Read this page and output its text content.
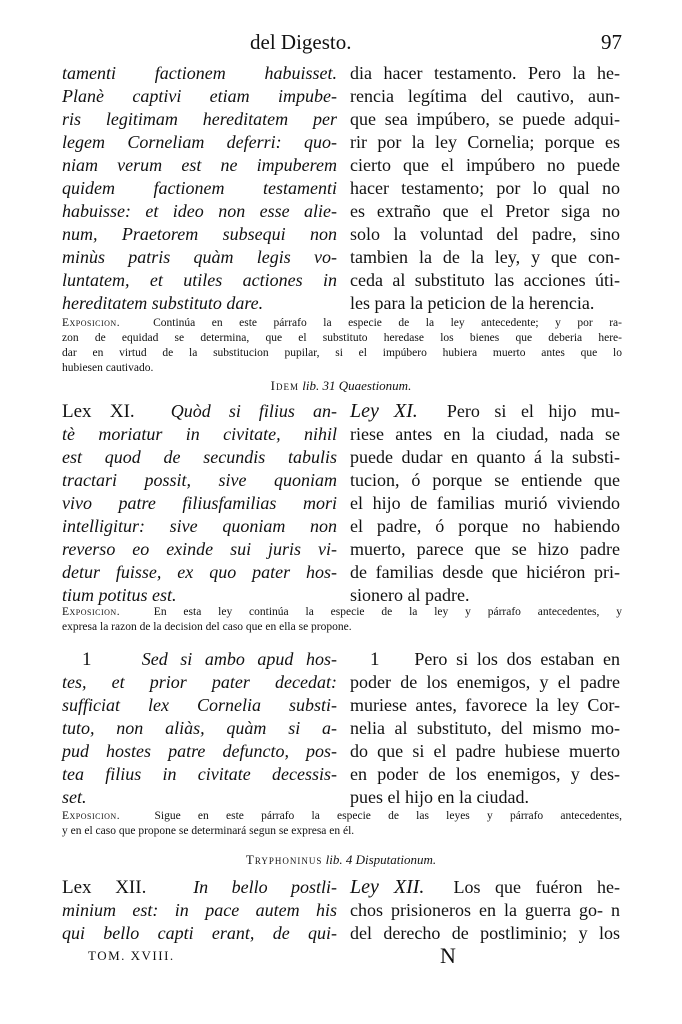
del Digesto.	97
tamenti factionem habuisset.
Planè captivi etiam impube-
ris legitimam hereditatem per
legem Corneliam deferri: quo-
niam verum est ne impuberem
quidem factionem testamenti
habuisse: et ideo non esse alie-
num, Praetorem subsequi non
minùs patris quàm legis vo-
luntatem, et utiles actiones in
hereditatem substituto dare.
dia hacer testamento. Pero la he-
rencia legítima del cautivo, aun-
que sea impúbero, se puede adqui-
rir por la ley Cornelia; porque es
cierto que el impúbero no puede
hacer testamento; por lo qual no
es extraño que el Pretor siga no
solo la voluntad del padre, sino
tambien la de la ley, y que con-
ceda al substituto las acciones úti-
les para la peticion de la herencia.
Exposicion.	Continúa en este párrafo la especie de la ley antecedente; y por ra-
zon de equidad se determina, que el substituto heredase los bienes que deberia here-
dar en virtud de la substitucion pupilar, si el impúbero hubiera muerto antes que lo
hubiesen cautivado.
Idem lib. 31 Quaestionum.
Lex XI. Quòd si filius an-
tè moriatur in civitate, nihil
est quod de secundis tabulis
tractari possit, sive quoniam
vivo patre filiusfamilias mori
intelligitur: sive quoniam non
reverso eo exinde sui juris vi-
detur fuisse, ex quo pater hos-
tium potitus est.
Ley XI. Pero si el hijo mu-
riese antes en la ciudad, nada se
puede dudar en quanto á la substi-
tucion, ó porque se entiende que
el hijo de familias murió viviendo
el padre, ó porque no habiendo
muerto, parece que se hizo padre
de familias desde que hiciéron pri-
sionero al padre.
Exposicion.	En esta ley continúa la especie de la ley y párrafo antecedentes, y
expresa la razon de la decision del caso que en ella se propone.
1	Sed si ambo apud hos-
tes, et prior pater decedat:
sufficiat lex Cornelia substi-
tuto, non aliàs, quàm si a-
pud hostes patre defuncto, pos-
tea filius in civitate decessis-
set.
1 Pero si los dos estaban en
poder de los enemigos, y el padre
muriese antes, favorece la ley Cor-
nelia al substituto, del mismo mo-
do que si el padre hubiese muerto
en poder de los enemigos, y des-
pues el hijo en la ciudad.
Exposicion.	Sigue en este párrafo la especie de las leyes y párrafo antecedentes,
y en el caso que propone se determinará segun se expresa en él.
Tryphoninus lib. 4 Disputationum.
Lex XII.	In bello postli-
minium est: in pace autem his
qui bello capti erant, de qui-
Ley XII. Los que fuéron he-
chos prisioneros en la guerra go- n
del derecho de postliminio; y los
TOM. XVIII.	N
